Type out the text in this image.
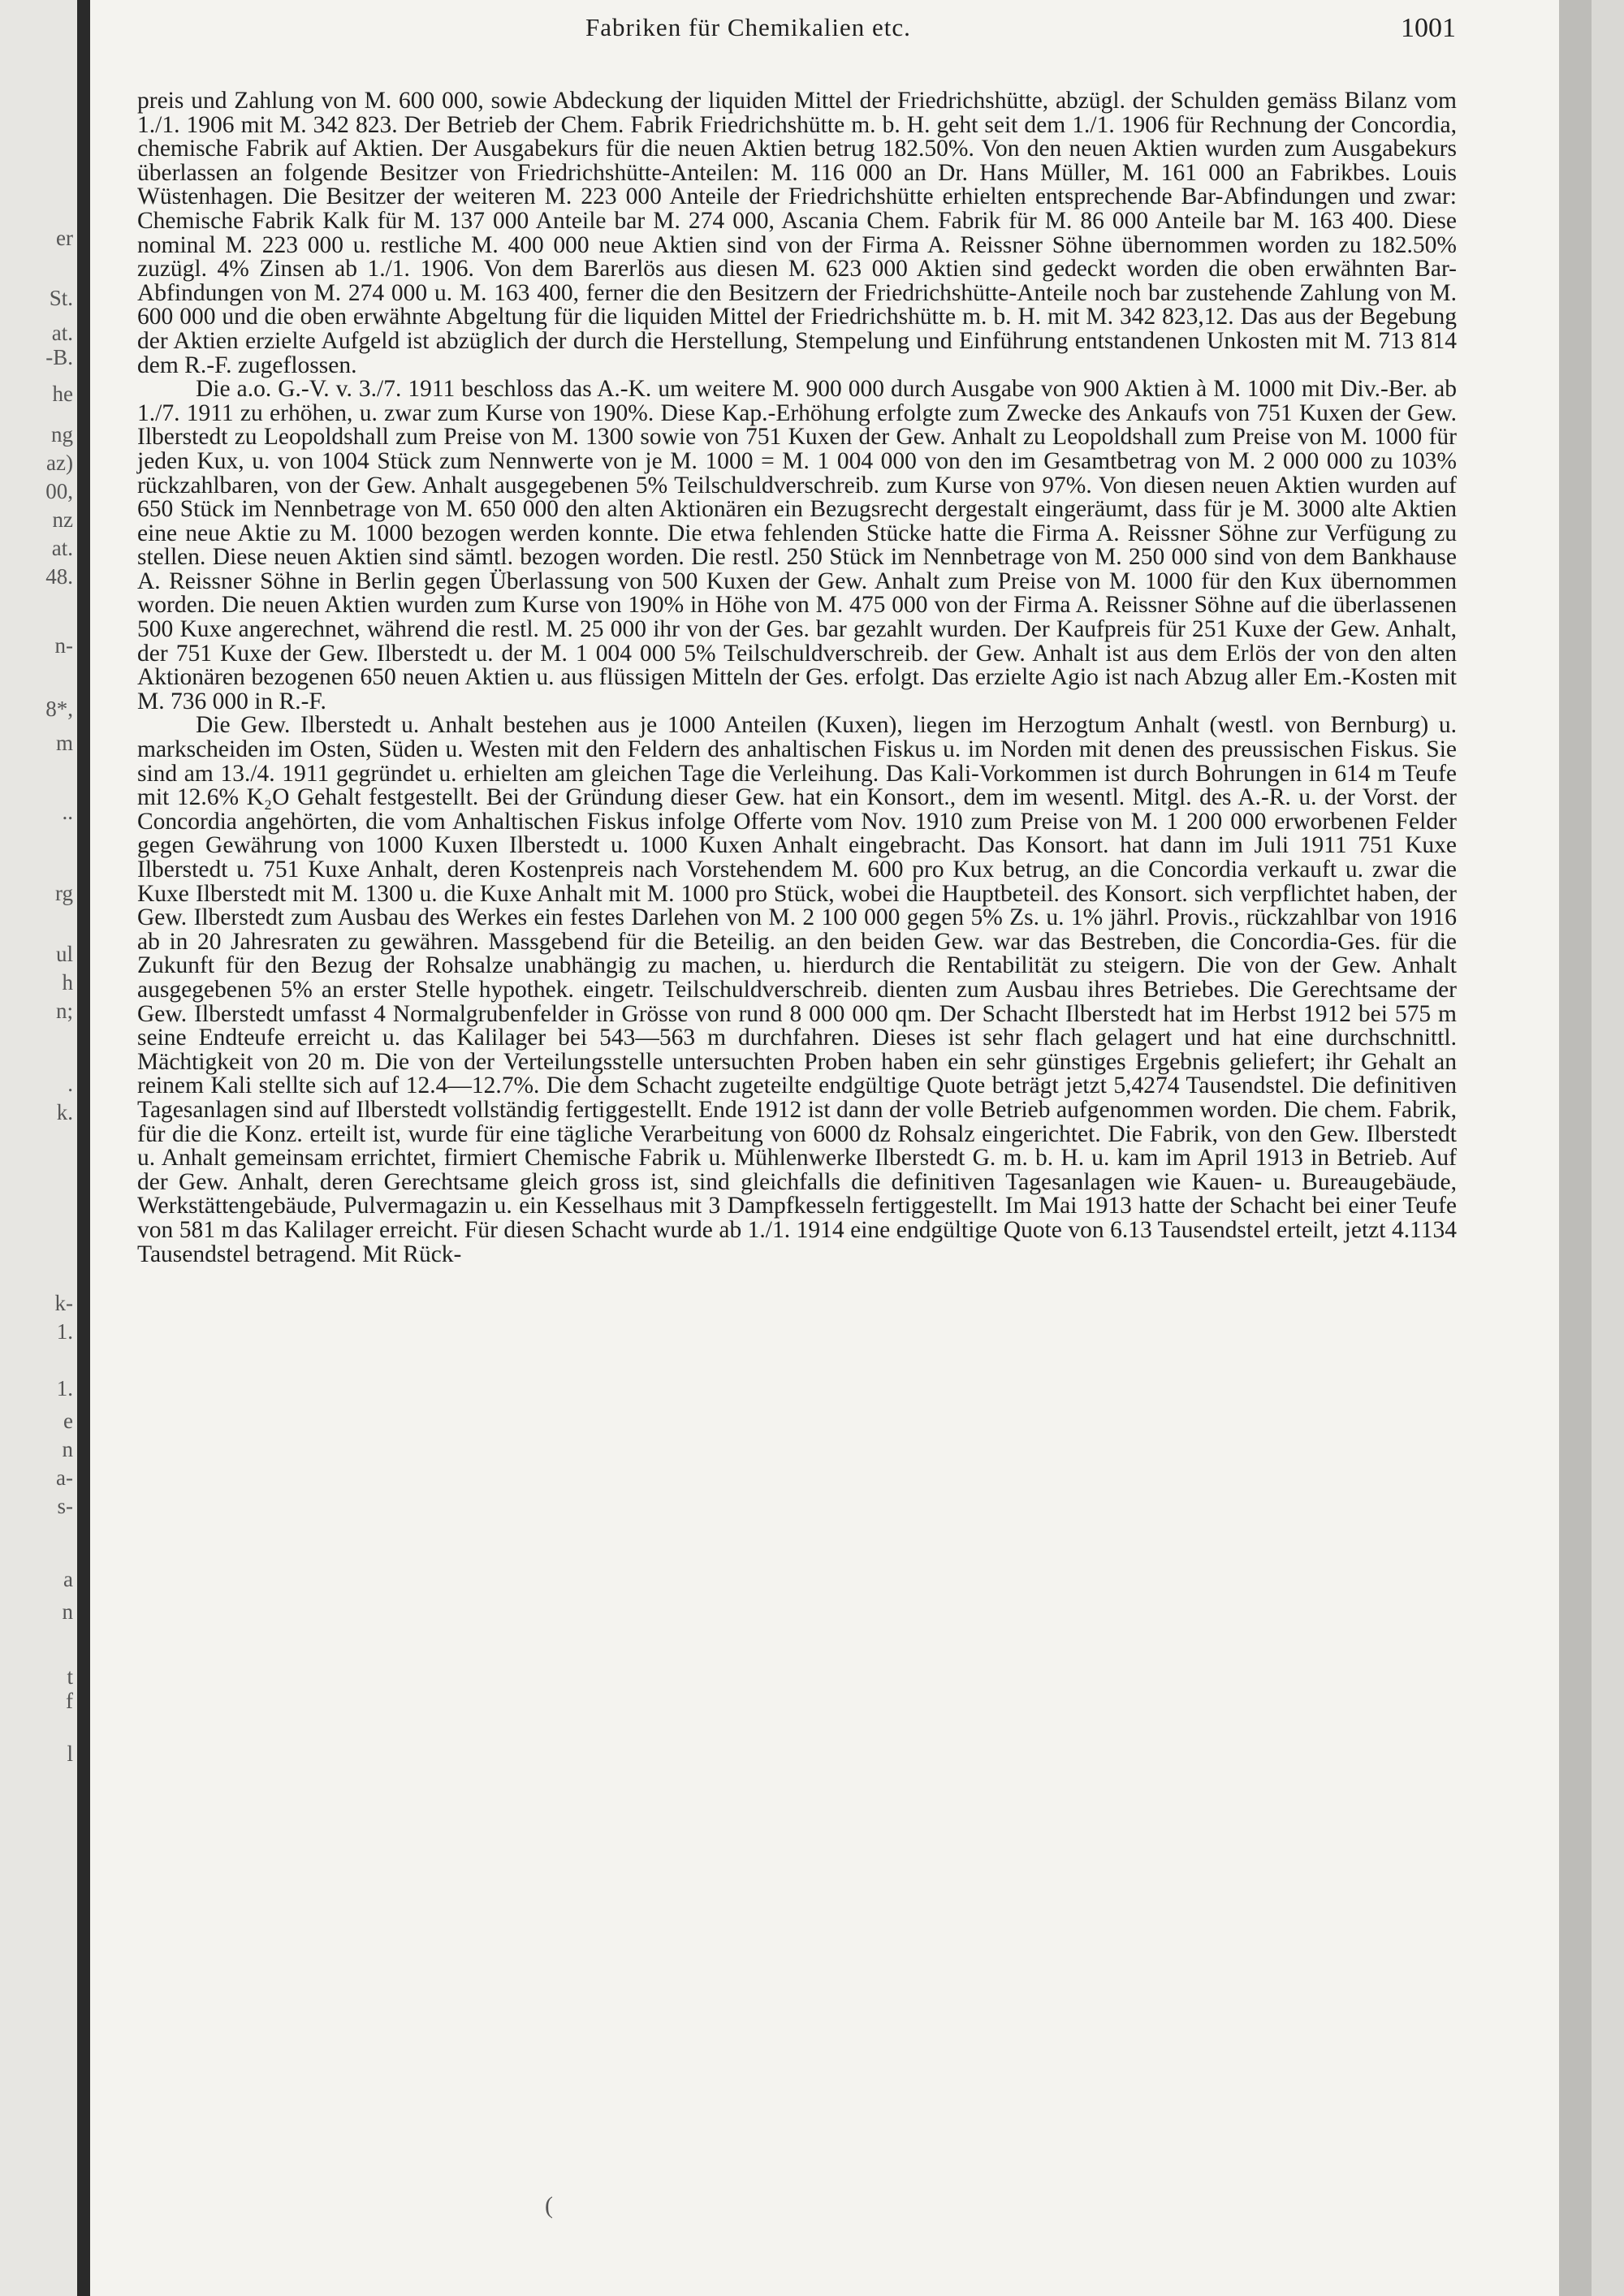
er
St.
at.
-B.
he
ng
az)
00,
nz
at.
48.
n-
8*,
m
..
rg
ul
h
n;
.
k.
k-
1.
1.
e
n
a-
s-
a
n
t
f
l
Fabriken für Chemikalien etc.	1001

preis und Zahlung von M. 600 000, sowie Abdeckung der liquiden Mittel der Friedrichshütte, abzügl. der Schulden gemäss Bilanz vom 1./1. 1906 mit M. 342 823. Der Betrieb der Chem. Fabrik Friedrichshütte m. b. H. geht seit dem 1./1. 1906 für Rechnung der Concordia, chemische Fabrik auf Aktien. Der Ausgabekurs für die neuen Aktien betrug 182.50%. Von den neuen Aktien wurden zum Ausgabekurs überlassen an folgende Besitzer von Friedrichshütte-Anteilen: M. 116 000 an Dr. Hans Müller, M. 161 000 an Fabrikbes. Louis Wüstenhagen. Die Besitzer der weiteren M. 223 000 Anteile der Friedrichshütte erhielten entsprechende Bar-Abfindungen und zwar: Chemische Fabrik Kalk für M. 137 000 Anteile bar M. 274 000, Ascania Chem. Fabrik für M. 86 000 Anteile bar M. 163 400. Diese nominal M. 223 000 u. restliche M. 400 000 neue Aktien sind von der Firma A. Reissner Söhne übernommen worden zu 182.50% zuzügl. 4% Zinsen ab 1./1. 1906. Von dem Barerlös aus diesen M. 623 000 Aktien sind gedeckt worden die oben erwähnten Bar-Abfindungen von M. 274 000 u. M. 163 400, ferner die den Besitzern der Friedrichshütte-Anteile noch bar zustehende Zahlung von M. 600 000 und die oben erwähnte Abgeltung für die liquiden Mittel der Friedrichshütte m. b. H. mit M. 342 823,12. Das aus der Begebung der Aktien erzielte Aufgeld ist abzüglich der durch die Herstellung, Stempelung und Einführung entstandenen Unkosten mit M. 713 814 dem R.-F. zugeflossen.

Die a.o. G.-V. v. 3./7. 1911 beschloss das A.-K. um weitere M. 900 000 durch Ausgabe von 900 Aktien à M. 1000 mit Div.-Ber. ab 1./7. 1911 zu erhöhen, u. zwar zum Kurse von 190%. Diese Kap.-Erhöhung erfolgte zum Zwecke des Ankaufs von 751 Kuxen der Gew. Ilberstedt zu Leopoldshall zum Preise von M. 1300 sowie von 751 Kuxen der Gew. Anhalt zu Leopoldshall zum Preise von M. 1000 für jeden Kux, u. von 1004 Stück zum Nennwerte von je M. 1000 = M. 1 004 000 von den im Gesamtbetrag von M. 2 000 000 zu 103% rückzahlbaren, von der Gew. Anhalt ausgegebenen 5% Teilschuldverschreib. zum Kurse von 97%. Von diesen neuen Aktien wurden auf 650 Stück im Nennbetrage von M. 650 000 den alten Aktionären ein Bezugsrecht dergestalt eingeräumt, dass für je M. 3000 alte Aktien eine neue Aktie zu M. 1000 bezogen werden konnte. Die etwa fehlenden Stücke hatte die Firma A. Reissner Söhne zur Verfügung zu stellen. Diese neuen Aktien sind sämtl. bezogen worden. Die restl. 250 Stück im Nennbetrage von M. 250 000 sind von dem Bankhause A. Reissner Söhne in Berlin gegen Überlassung von 500 Kuxen der Gew. Anhalt zum Preise von M. 1000 für den Kux übernommen worden. Die neuen Aktien wurden zum Kurse von 190% in Höhe von M. 475 000 von der Firma A. Reissner Söhne auf die überlassenen 500 Kuxe angerechnet, während die restl. M. 25 000 ihr von der Ges. bar gezahlt wurden. Der Kaufpreis für 251 Kuxe der Gew. Anhalt, der 751 Kuxe der Gew. Ilberstedt u. der M. 1 004 000 5% Teilschuldverschreib. der Gew. Anhalt ist aus dem Erlös der von den alten Aktionären bezogenen 650 neuen Aktien u. aus flüssigen Mitteln der Ges. erfolgt. Das erzielte Agio ist nach Abzug aller Em.-Kosten mit M. 736 000 in R.-F.

Die Gew. Ilberstedt u. Anhalt bestehen aus je 1000 Anteilen (Kuxen), liegen im Herzogtum Anhalt (westl. von Bernburg) u. markscheiden im Osten, Süden u. Westen mit den Feldern des anhaltischen Fiskus u. im Norden mit denen des preussischen Fiskus. Sie sind am 13./4. 1911 gegründet u. erhielten am gleichen Tage die Verleihung. Das Kali-Vorkommen ist durch Bohrungen in 614 m Teufe mit 12.6% K₂O Gehalt festgestellt. Bei der Gründung dieser Gew. hat ein Konsort., dem im wesentl. Mitgl. des A.-R. u. der Vorst. der Concordia angehörten, die vom Anhaltischen Fiskus infolge Offerte vom Nov. 1910 zum Preise von M. 1 200 000 erworbenen Felder gegen Gewährung von 1000 Kuxen Ilberstedt u. 1000 Kuxen Anhalt eingebracht. Das Konsort. hat dann im Juli 1911 751 Kuxe Ilberstedt u. 751 Kuxe Anhalt, deren Kostenpreis nach Vorstehendem M. 600 pro Kux betrug, an die Concordia verkauft u. zwar die Kuxe Ilberstedt mit M. 1300 u. die Kuxe Anhalt mit M. 1000 pro Stück, wobei die Hauptbeteil. des Konsort. sich verpflichtet haben, der Gew. Ilberstedt zum Ausbau des Werkes ein festes Darlehen von M. 2 100 000 gegen 5% Zs. u. 1% jährl. Provis., rückzahlbar von 1916 ab in 20 Jahresraten zu gewähren. Massgebend für die Beteilig. an den beiden Gew. war das Bestreben, die Concordia-Ges. für die Zukunft für den Bezug der Rohsalze unabhängig zu machen, u. hierdurch die Rentabilität zu steigern. Die von der Gew. Anhalt ausgegebenen 5% an erster Stelle hypothek. eingetr. Teilschuldverschreib. dienten zum Ausbau ihres Betriebes. Die Gerechtsame der Gew. Ilberstedt umfasst 4 Normalgrubenfelder in Grösse von rund 8 000 000 qm. Der Schacht Ilberstedt hat im Herbst 1912 bei 575 m seine Endteufe erreicht u. das Kalilager bei 543—563 m durchfahren. Dieses ist sehr flach gelagert und hat eine durchschnittl. Mächtigkeit von 20 m. Die von der Verteilungsstelle untersuchten Proben haben ein sehr günstiges Ergebnis geliefert; ihr Gehalt an reinem Kali stellte sich auf 12.4—12.7%. Die dem Schacht zugeteilte endgültige Quote beträgt jetzt 5,4274 Tausendstel. Die definitiven Tagesanlagen sind auf Ilberstedt vollständig fertiggestellt. Ende 1912 ist dann der volle Betrieb aufgenommen worden. Die chem. Fabrik, für die die Konz. erteilt ist, wurde für eine tägliche Verarbeitung von 6000 dz Rohsalz eingerichtet. Die Fabrik, von den Gew. Ilberstedt u. Anhalt gemeinsam errichtet, firmiert Chemische Fabrik u. Mühlenwerke Ilberstedt G. m. b. H. u. kam im April 1913 in Betrieb. Auf der Gew. Anhalt, deren Gerechtsame gleich gross ist, sind gleichfalls die definitiven Tagesanlagen wie Kauen- u. Bureaugebäude, Werkstättengebäude, Pulvermagazin u. ein Kesselhaus mit 3 Dampfkesseln fertiggestellt. Im Mai 1913 hatte der Schacht bei einer Teufe von 581 m das Kalilager erreicht. Für diesen Schacht wurde ab 1./1. 1914 eine endgültige Quote von 6.13 Tausendstel erteilt, jetzt 4.1134 Tausendstel betragend. Mit Rück-

(
